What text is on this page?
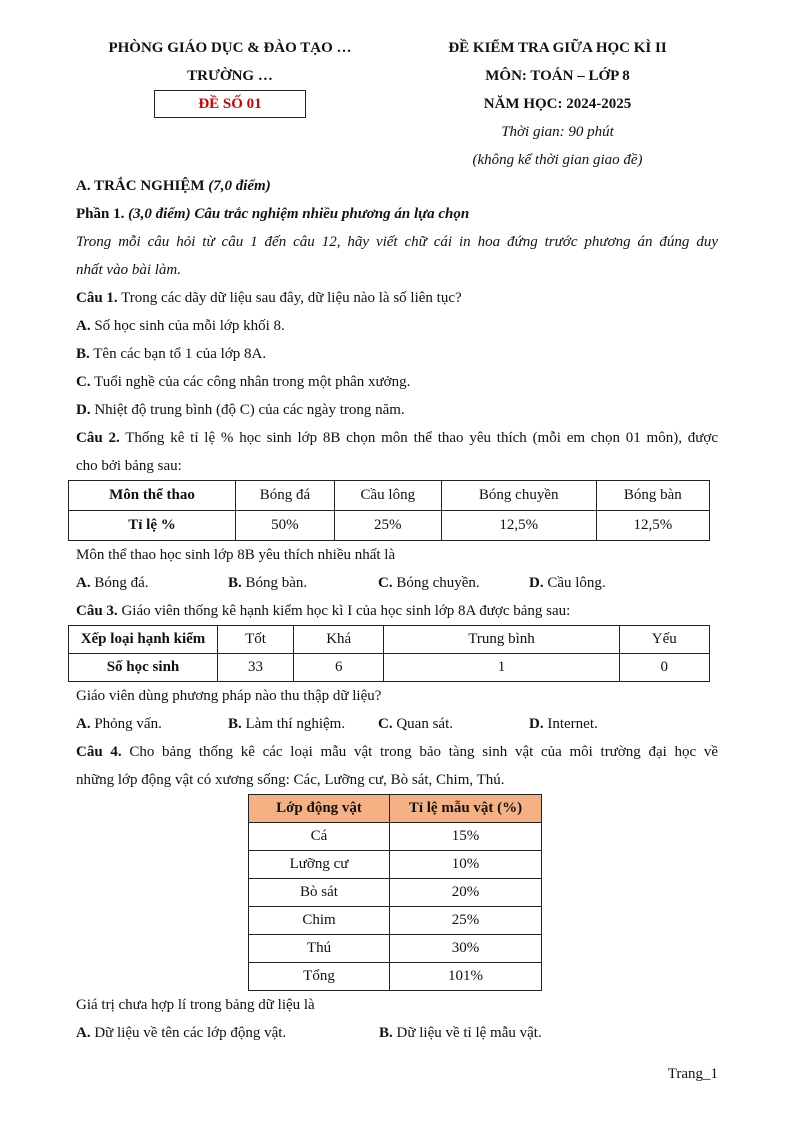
PHÒNG GIÁO DỤC & ĐÀO TẠO …
TRƯỜNG …
ĐỀ SỐ 01
ĐỀ KIỂM TRA GIỮA HỌC KÌ II
MÔN: TOÁN – LỚP 8
NĂM HỌC: 2024-2025
Thời gian: 90 phút
(không kể thời gian giao đề)
A. TRẮC NGHIỆM (7,0 điểm)
Phần 1. (3,0 điểm) Câu trắc nghiệm nhiều phương án lựa chọn
Trong mỗi câu hỏi từ câu 1 đến câu 12, hãy viết chữ cái in hoa đứng trước phương án đúng duy
nhất vào bài làm.
Câu 1. Trong các dãy dữ liệu sau đây, dữ liệu nào là số liên tục?
A. Số học sinh của mỗi lớp khối 8.
B. Tên các bạn tổ 1 của lớp 8A.
C. Tuổi nghề của các công nhân trong một phân xưởng.
D. Nhiệt độ trung bình (độ C) của các ngày trong năm.
Câu 2. Thống kê tỉ lệ % học sinh lớp 8B chọn môn thể thao yêu thích (mỗi em chọn 01 môn), được
cho bởi bảng sau:
Môn thể thao	Bóng đá	Cầu lông	Bóng chuyền	Bóng bàn
Tỉ lệ %	50%	25%	12,5%	12,5%
Môn thể thao học sinh lớp 8B yêu thích nhiều nhất là
A. Bóng đá.	B. Bóng bàn.	C. Bóng chuyền.	D. Cầu lông.
Câu 3. Giáo viên thống kê hạnh kiểm học kì I của học sinh lớp 8A được bảng sau:
Xếp loại hạnh kiểm	Tốt	Khá	Trung bình	Yếu
Số học sinh	33	6	1	0
Giáo viên dùng phương pháp nào thu thập dữ liệu?
A. Phỏng vấn.	B. Làm thí nghiệm.	C. Quan sát.	D. Internet.
Câu 4. Cho bảng thống kê các loại mẫu vật trong bảo tàng sinh vật của môi trường đại học về
những lớp động vật có xương sống: Các, Lưỡng cư, Bò sát, Chim, Thú.
Lớp động vật	Tỉ lệ mẫu vật (%)
Cá	15%
Lưỡng cư	10%
Bò sát	20%
Chim	25%
Thú	30%
Tổng	101%
Giá trị chưa hợp lí trong bảng dữ liệu là
A. Dữ liệu về tên các lớp động vật.	B. Dữ liệu về tỉ lệ mẫu vật.
Trang_1
